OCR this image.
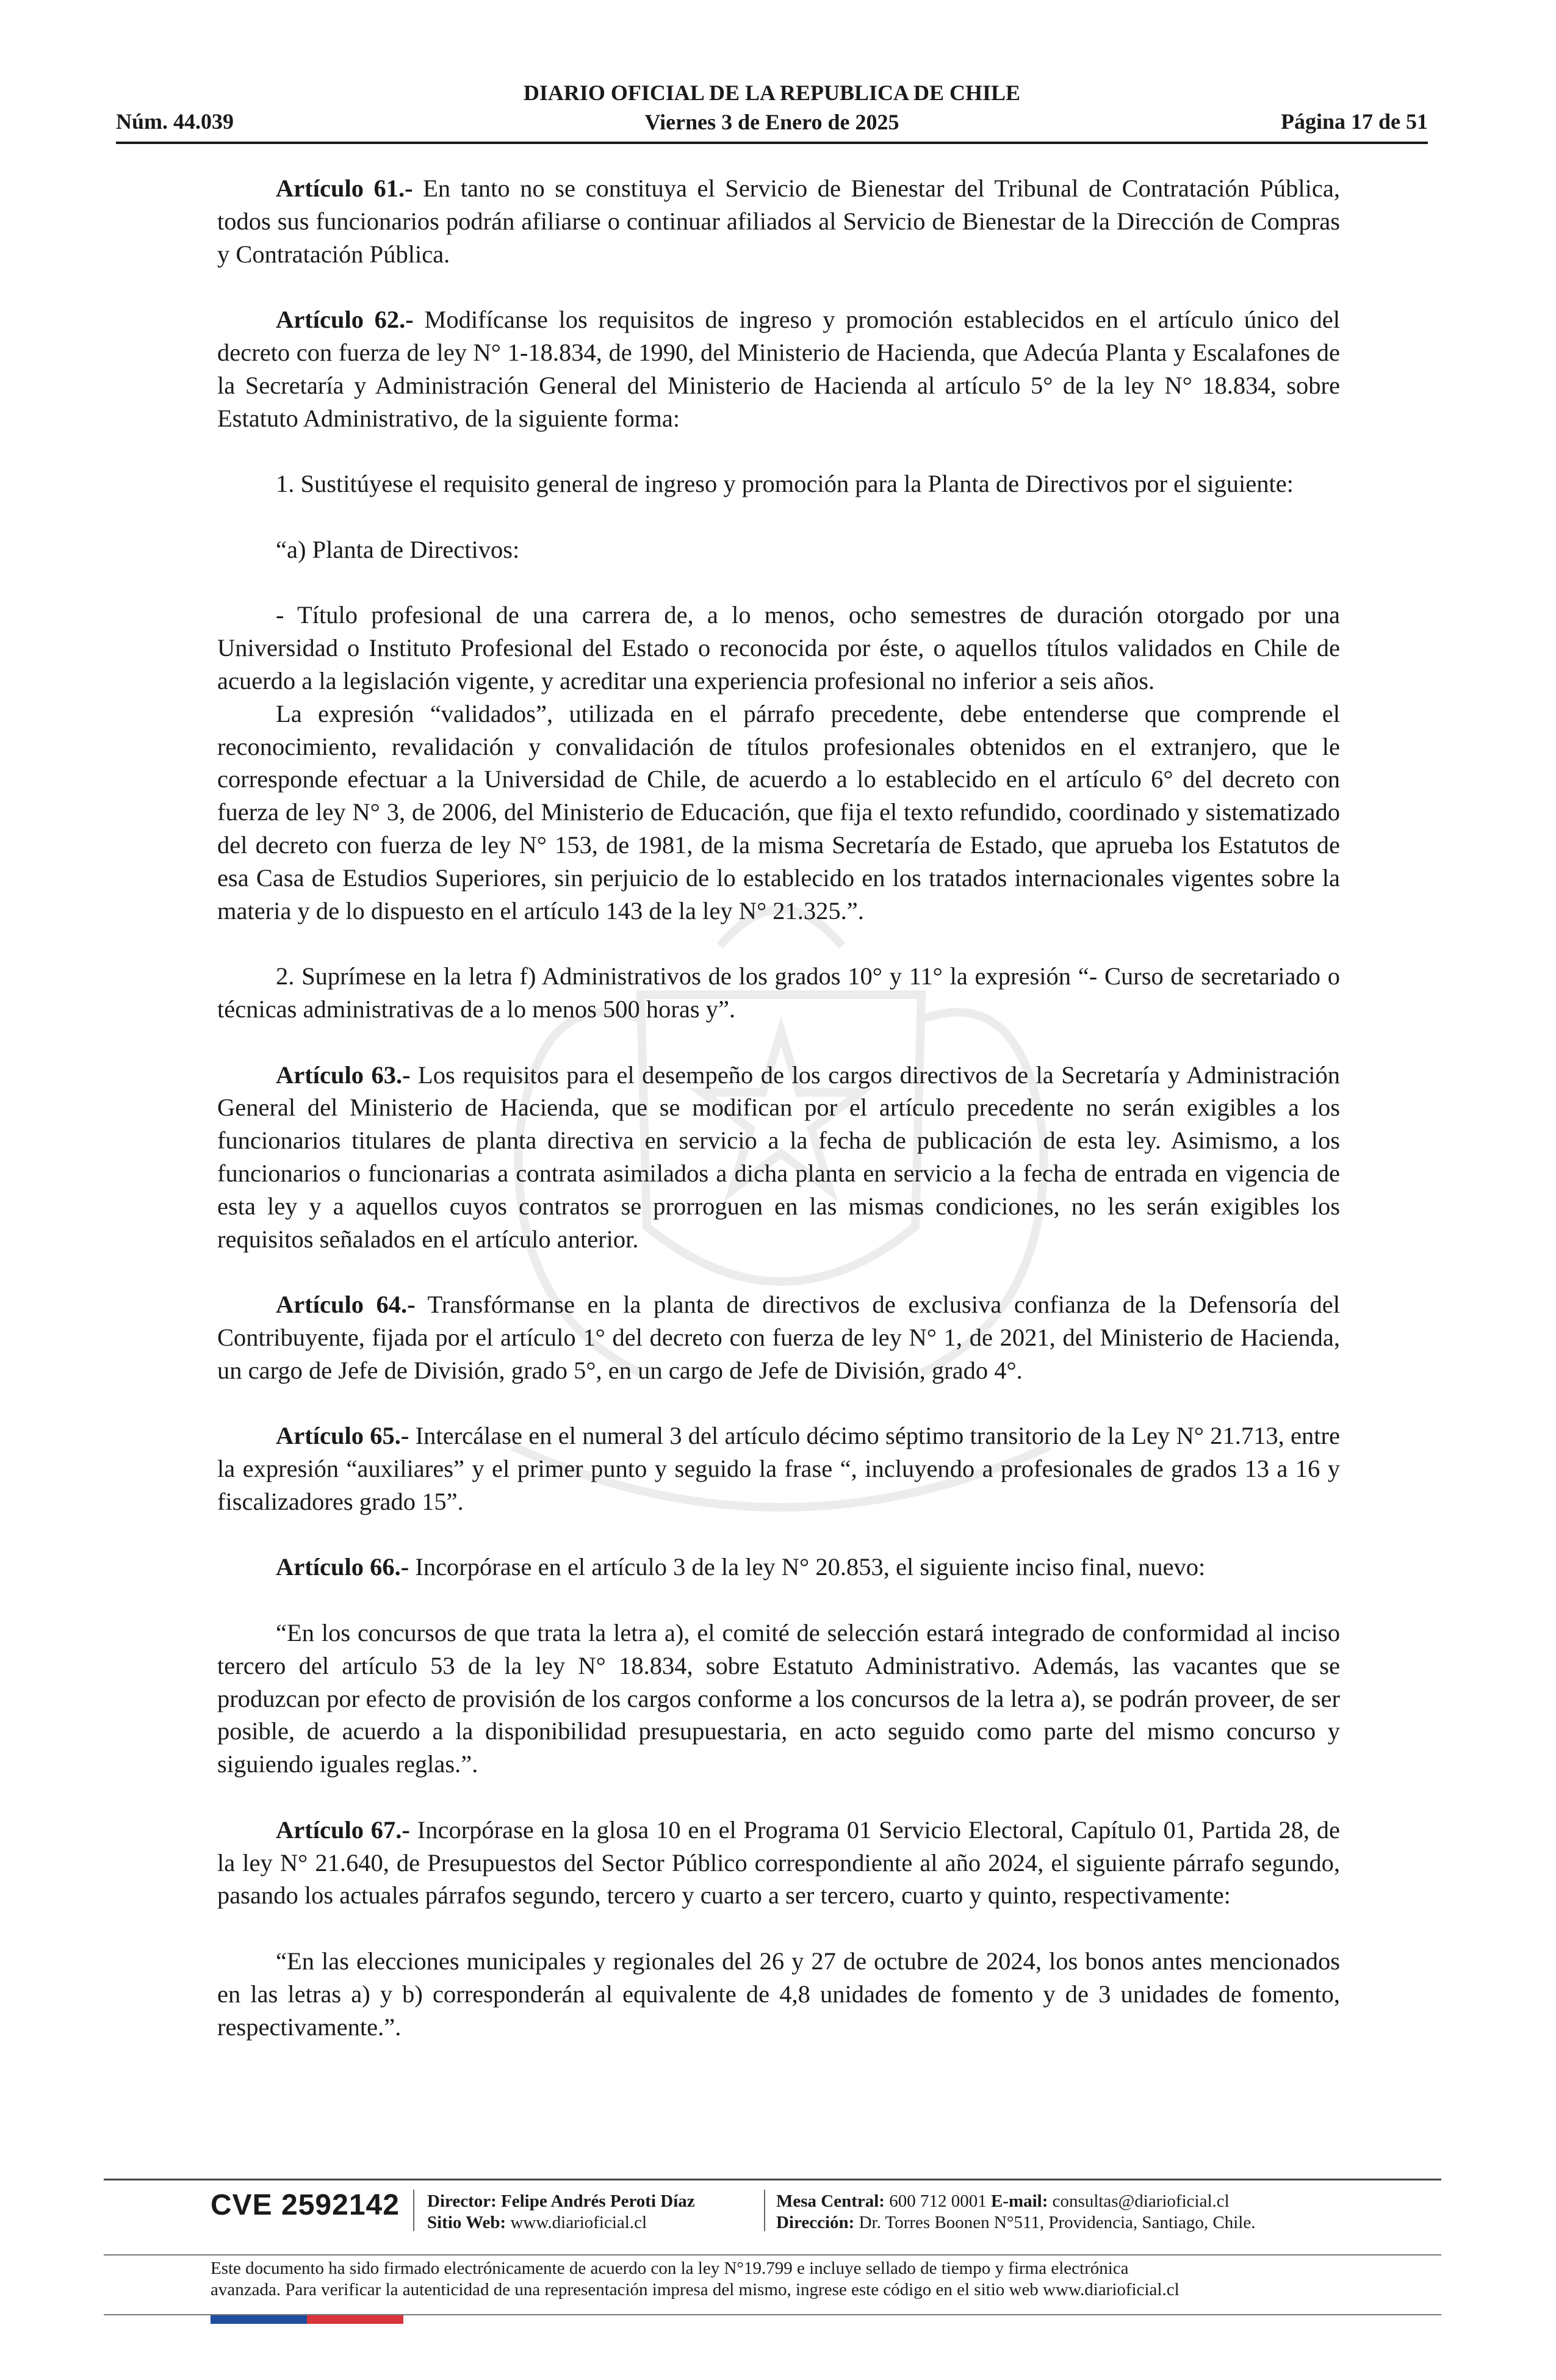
Núm. 44.039
DIARIO OFICIAL DE LA REPUBLICA DE CHILE
Viernes 3 de Enero de 2025	Página 17 de 51

Artículo 61.- En tanto no se constituya el Servicio de Bienestar del Tribunal de Contratación Pública, todos sus funcionarios podrán afiliarse o continuar afiliados al Servicio de Bienestar de la Dirección de Compras y Contratación Pública.

Artículo 62.- Modifícanse los requisitos de ingreso y promoción establecidos en el artículo único del decreto con fuerza de ley N° 1-18.834, de 1990, del Ministerio de Hacienda, que Adecúa Planta y Escalafones de la Secretaría y Administración General del Ministerio de Hacienda al artículo 5° de la ley N° 18.834, sobre Estatuto Administrativo, de la siguiente forma:

1. Sustitúyese el requisito general de ingreso y promoción para la Planta de Directivos por el siguiente:

“a) Planta de Directivos:

- Título profesional de una carrera de, a lo menos, ocho semestres de duración otorgado por una Universidad o Instituto Profesional del Estado o reconocida por éste, o aquellos títulos validados en Chile de acuerdo a la legislación vigente, y acreditar una experiencia profesional no inferior a seis años.

La expresión “validados”, utilizada en el párrafo precedente, debe entenderse que comprende el reconocimiento, revalidación y convalidación de títulos profesionales obtenidos en el extranjero, que le corresponde efectuar a la Universidad de Chile, de acuerdo a lo establecido en el artículo 6° del decreto con fuerza de ley N° 3, de 2006, del Ministerio de Educación, que fija el texto refundido, coordinado y sistematizado del decreto con fuerza de ley N° 153, de 1981, de la misma Secretaría de Estado, que aprueba los Estatutos de esa Casa de Estudios Superiores, sin perjuicio de lo establecido en los tratados internacionales vigentes sobre la materia y de lo dispuesto en el artículo 143 de la ley N° 21.325.”.

2. Suprímese en la letra f) Administrativos de los grados 10° y 11° la expresión “- Curso de secretariado o técnicas administrativas de a lo menos 500 horas y”.

Artículo 63.- Los requisitos para el desempeño de los cargos directivos de la Secretaría y Administración General del Ministerio de Hacienda, que se modifican por el artículo precedente no serán exigibles a los funcionarios titulares de planta directiva en servicio a la fecha de publicación de esta ley. Asimismo, a los funcionarios o funcionarias a contrata asimilados a dicha planta en servicio a la fecha de entrada en vigencia de esta ley y a aquellos cuyos contratos se prorroguen en las mismas condiciones, no les serán exigibles los requisitos señalados en el artículo anterior.

Artículo 64.- Transfórmanse en la planta de directivos de exclusiva confianza de la Defensoría del Contribuyente, fijada por el artículo 1° del decreto con fuerza de ley N° 1, de 2021, del Ministerio de Hacienda, un cargo de Jefe de División, grado 5°, en un cargo de Jefe de División, grado 4°.

Artículo 65.- Intercálase en el numeral 3 del artículo décimo séptimo transitorio de la Ley N° 21.713, entre la expresión “auxiliares” y el primer punto y seguido la frase “, incluyendo a profesionales de grados 13 a 16 y fiscalizadores grado 15”.

Artículo 66.- Incorpórase en el artículo 3 de la ley N° 20.853, el siguiente inciso final, nuevo:

“En los concursos de que trata la letra a), el comité de selección estará integrado de conformidad al inciso tercero del artículo 53 de la ley N° 18.834, sobre Estatuto Administrativo. Además, las vacantes que se produzcan por efecto de provisión de los cargos conforme a los concursos de la letra a), se podrán proveer, de ser posible, de acuerdo a la disponibilidad presupuestaria, en acto seguido como parte del mismo concurso y siguiendo iguales reglas.”.

Artículo 67.- Incorpórase en la glosa 10 en el Programa 01 Servicio Electoral, Capítulo 01, Partida 28, de la ley N° 21.640, de Presupuestos del Sector Público correspondiente al año 2024, el siguiente párrafo segundo, pasando los actuales párrafos segundo, tercero y cuarto a ser tercero, cuarto y quinto, respectivamente:

“En las elecciones municipales y regionales del 26 y 27 de octubre de 2024, los bonos antes mencionados en las letras a) y b) corresponderán al equivalente de 4,8 unidades de fomento y de 3 unidades de fomento, respectivamente.”.

CVE 2592142 Director: Felipe Andrés Peroti Díaz
Sitio Web: www.diarioficial.cl
Mesa Central: 600 712 0001 E-mail: consultas@diarioficial.cl
Dirección: Dr. Torres Boonen N°511, Providencia, Santiago, Chile.
Este documento ha sido firmado electrónicamente de acuerdo con la ley N°19.799 e incluye sellado de tiempo y firma electrónica
avanzada. Para verificar la autenticidad de una representación impresa del mismo, ingrese este código en el sitio web www.diarioficial.cl
